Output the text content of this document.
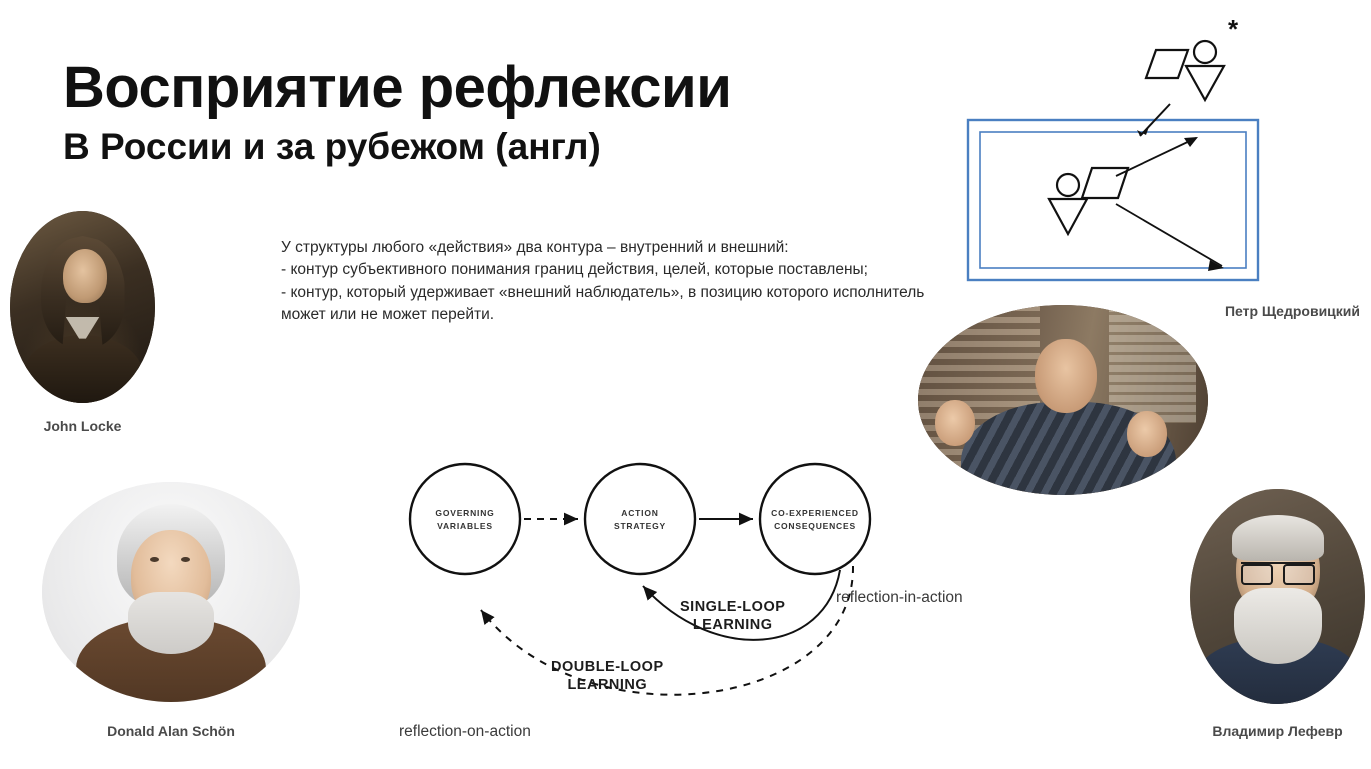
Восприятие рефлексии
В России и за рубежом (англ)
У структуры любого «действия» два контура – внутренний и внешний:
- контур субъективного понимания границ действия, целей, которые поставлены;
- контур, который удерживает «внешний наблюдатель», в позицию которого исполнитель может или не может перейти.
John Locke
Donald Alan Schön
Петр Щедровицкий
Владимир Лефевр
*
GOVERNING
VARIABLES
ACTION
STRATEGY
CO-EXPERIENCED
CONSEQUENCES
SINGLE-LOOP
LEARNING
DOUBLE-LOOP
LEARNING
reflection-in-action
reflection-on-action
